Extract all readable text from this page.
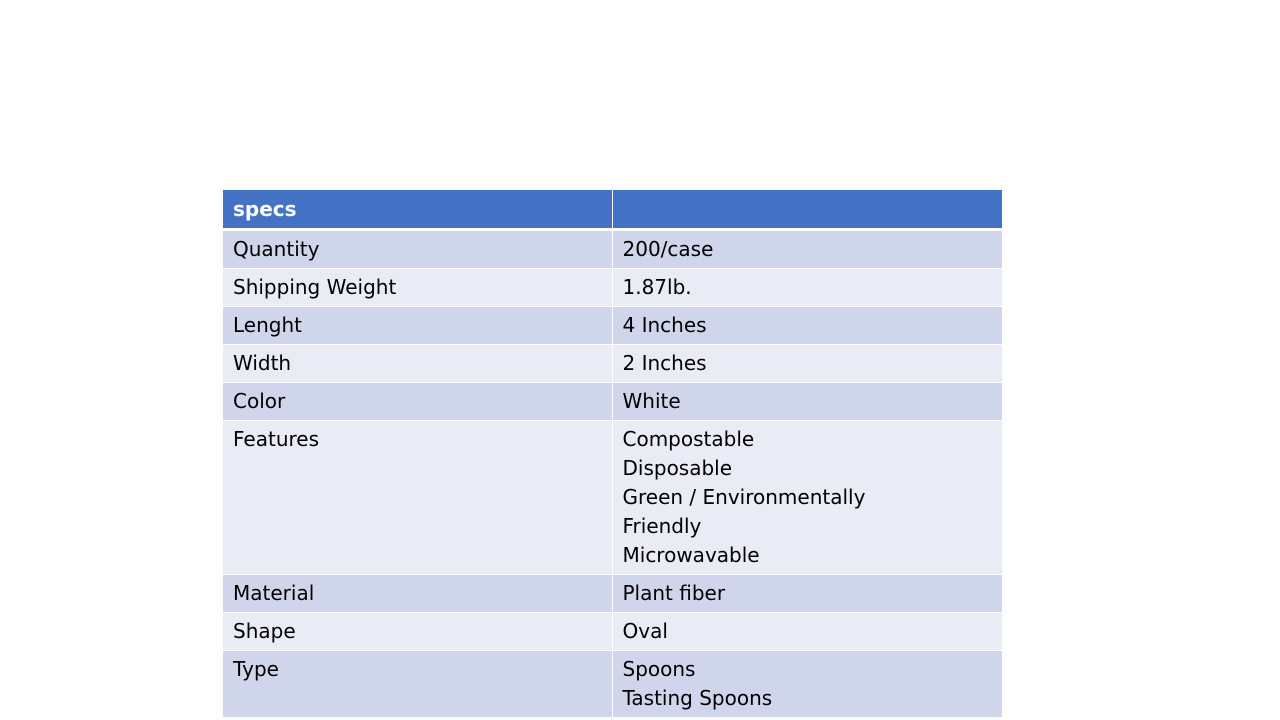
specs	
Quantity	200/case

Shipping Weight	1.87lb.

Lenght	4 Inches

Width	2 Inches

Color	White

Features	Compostable
Disposable
Green / Environmentally
Friendly
Microwavable

Material	Plant fiber

Shape	Oval

Type	Spoons
Tasting Spoons
